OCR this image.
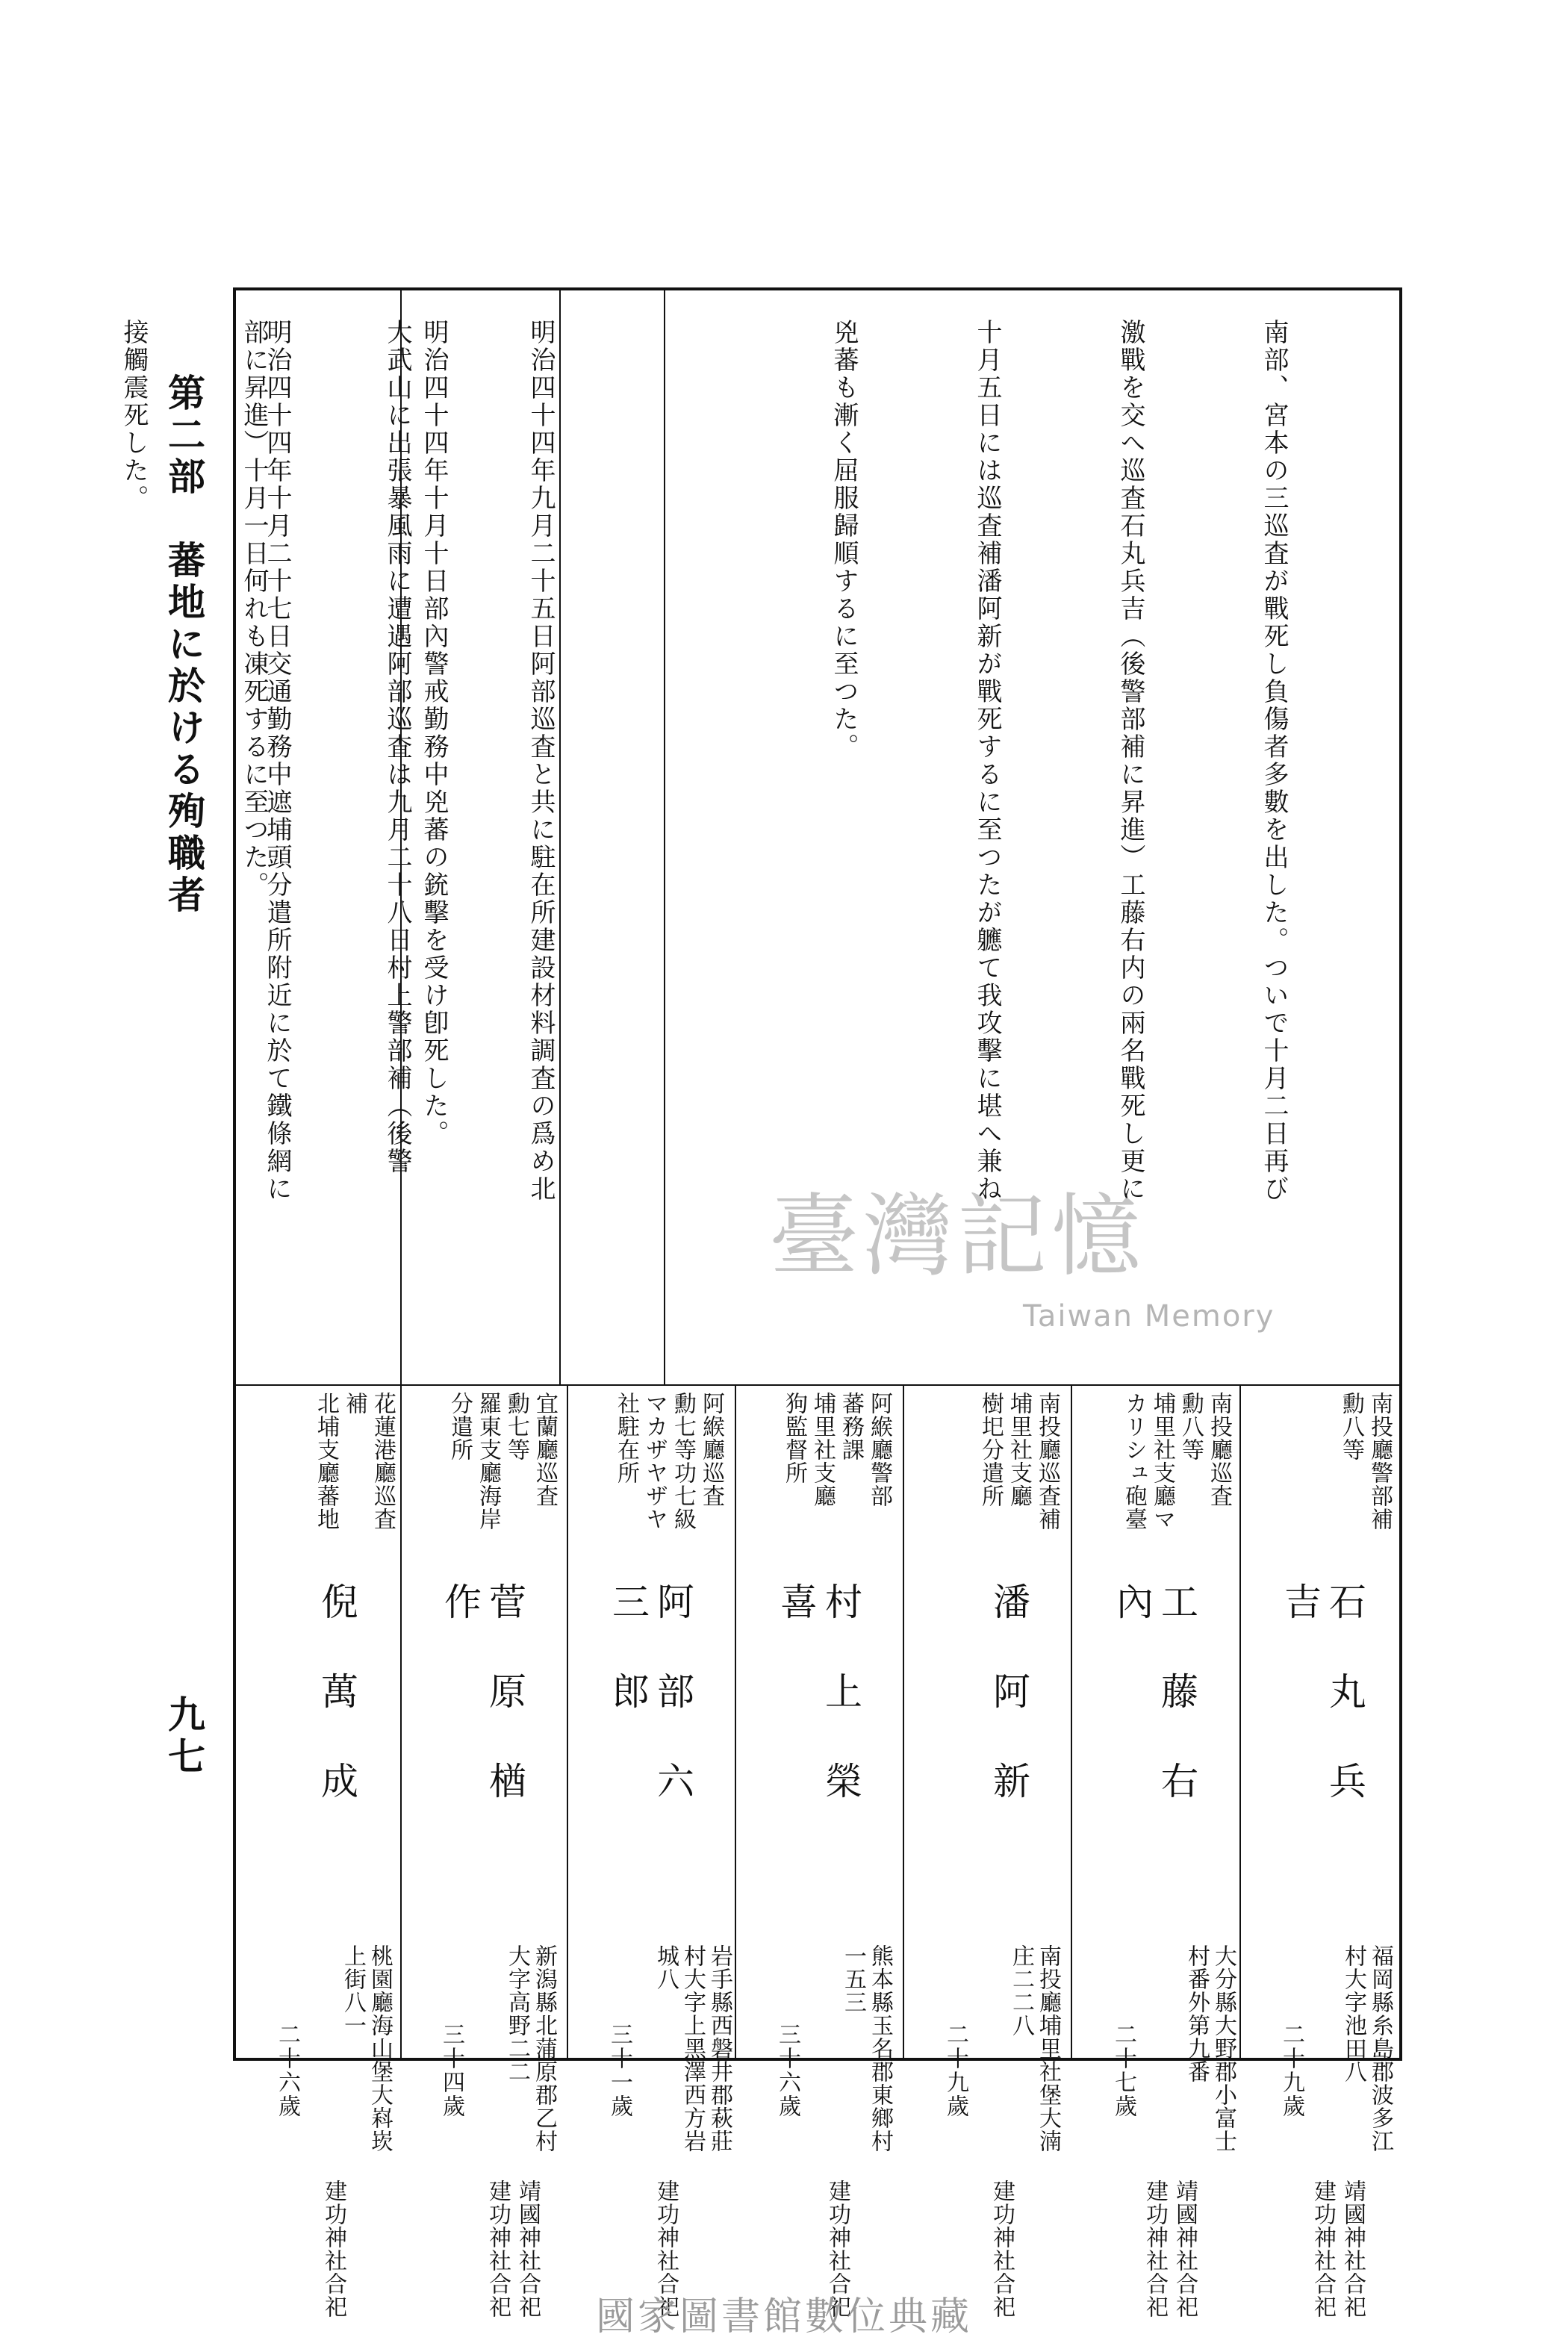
第二部　蕃地に於ける殉職者
九七

南部、宮本の三巡査が戰死し負傷者多數を出した。ついで十月二日再び

激戰を交へ巡査石丸兵吉（後警部補に昇進）工藤右内の兩名戰死し更に

十月五日には巡査補潘阿新が戰死するに至つたが軈て我攻擊に堪へ兼ね

兇蕃も漸く屈服歸順するに至つた。

明治四十四年九月二十五日阿部巡査と共に駐在所建設材料調査の爲め北

大武山に出張暴風雨に遭遇阿部巡査は九月二十八日村上警部補（後警

部に昇進）十月一日何れも凍死するに至つた。

	明治四十四年十月十日部內警戒勤務中兇蕃の銃擊を受け卽死した。

明治四十四年十月二十七日交通勤務中遮埔頭分遣所附近に於て鐵條網に

接觸震死した。

南投廳警部補
勳八等
石丸兵吉
福岡縣糸島郡波多江
村大字池田八
靖國神社合祀
建功神社合祀
南投廳巡査
勳八等
埔里社支廳マ
カリシュ砲臺
工藤右內
大分縣大野郡小富士
村番外第九番
靖國神社合祀
建功神社合祀
南投廳巡査補
埔里社支廳
樹圯分遣所
潘阿新
南投廳埔里社堡大湳
庄二二八
建功神社合祀
阿緱廳警部
蕃務課
埔里社支廳
狗監督所
村上榮喜
熊本縣玉名郡東鄉村
一五三
建功神社合祀
阿緱廳巡査
勳七等功七級
マカザヤザヤ
社駐在所
阿部六三郎
岩手縣西磐井郡萩莊
村大字上黑澤西方岩
城八
建功神社合祀
宜蘭廳巡査
勳七等
羅東支廳海岸
分遣所
菅原楢作
新潟縣北蒲原郡乙村
大字高野二二
靖國神社合祀
建功神社合祀
花蓮港廳巡査
補
北埔支廳蕃地
倪萬成
桃園廳海山堡大嵙崁
上街八一
建功神社合祀
二十九歲
二十七歲
二十九歲
三十六歲
三十一歲
三十四歲
二十六歲
臺灣記憶
Taiwan Memory
國家圖書館數位典藏
